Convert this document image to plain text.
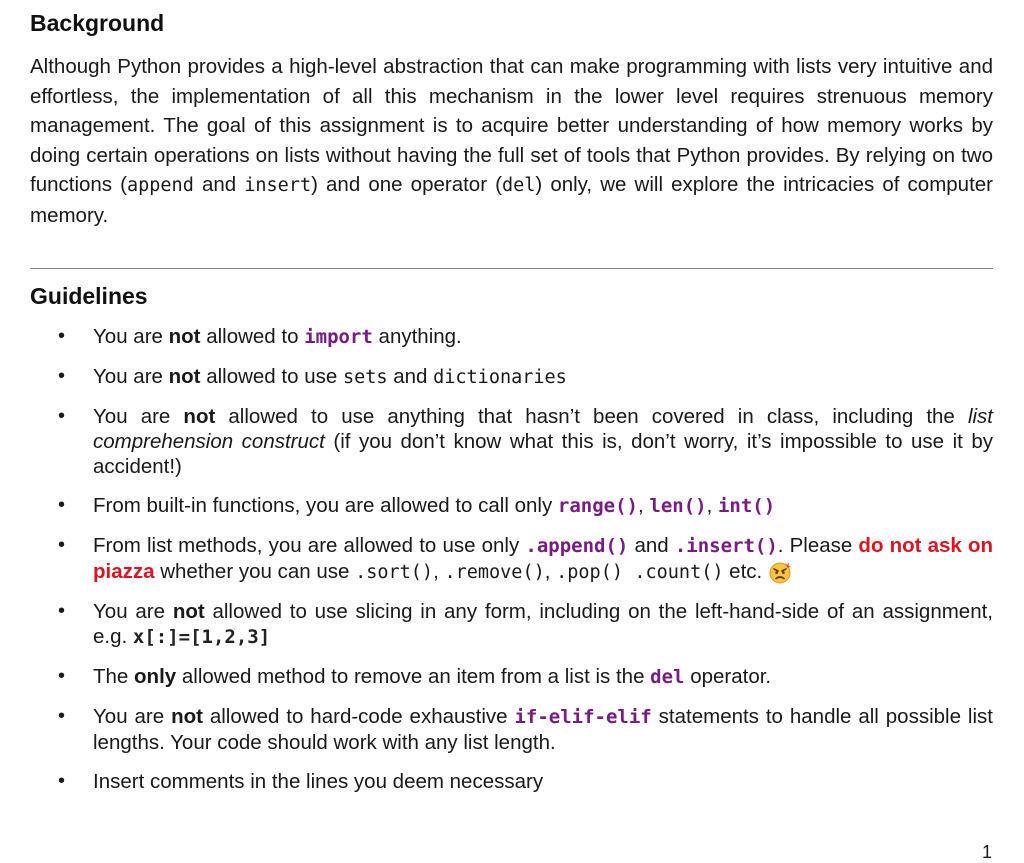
Background

Although Python provides a high-level abstraction that can make programming with lists very intuitive and effortless, the implementation of all this mechanism in the lower level requires strenuous memory management. The goal of this assignment is to acquire better understanding of how memory works by doing certain operations on lists without having the full set of tools that Python provides. By relying on two functions (append and insert) and one operator (del) only, we will explore the intricacies of computer memory.

Guidelines
• You are not allowed to import anything.
• You are not allowed to use sets and dictionaries
• You are not allowed to use anything that hasn’t been covered in class, including the list comprehension construct (if you don’t know what this is, don’t worry, it’s impossible to use it by accident!)
• From built-in functions, you are allowed to call only range(), len(), int()
• From list methods, you are allowed to use only .append() and .insert(). Please do not ask on piazza whether you can use .sort(), .remove(), .pop() .count() etc.
• You are not allowed to use slicing in any form, including on the left-hand-side of an assignment, e.g. x[:]=[1,2,3]
• The only allowed method to remove an item from a list is the del operator.
• You are not allowed to hard-code exhaustive if-elif-elif statements to handle all possible list lengths. Your code should work with any list length.
• Insert comments in the lines you deem necessary
1
